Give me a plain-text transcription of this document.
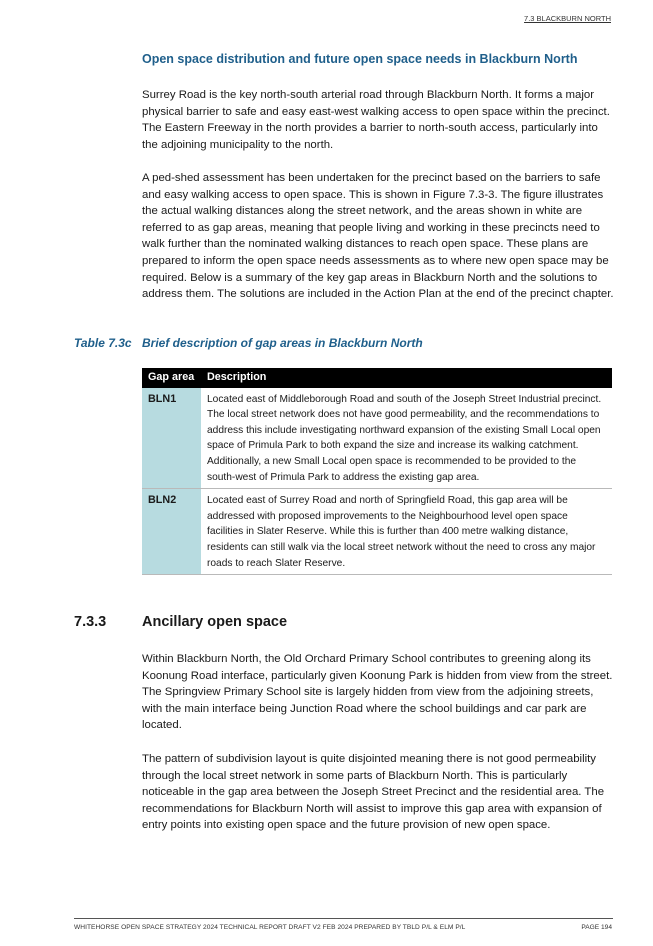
7.3 BLACKBURN NORTH
Open space distribution and future open space needs in Blackburn North

Surrey Road is the key north-south arterial road through Blackburn North. It forms a major physical barrier to safe and easy east-west walking access to open space within the precinct. The Eastern Freeway in the north provides a barrier to north-south access, particularly into the adjoining municipality to the north.

A ped-shed assessment has been undertaken for the precinct based on the barriers to safe and easy walking access to open space. This is shown in Figure 7.3-3. The figure illustrates the actual walking distances along the street network, and the areas shown in white are referred to as gap areas, meaning that people living and working in these precincts need to walk further than the nominated walking distances to reach open space. These plans are prepared to inform the open space needs assessments as to where new open space may be required. Below is a summary of the key gap areas in Blackburn North and the solutions to address them. The solutions are included in the Action Plan at the end of the precinct chapter.

Table 7.3c Brief description of gap areas in Blackburn North
Gap area	Description
BLN1	Located east of Middleborough Road and south of the Joseph Street Industrial precinct. The local street network does not have good permeability, and the recommendations to address this include investigating northward expansion of the existing Small Local open space of Primula Park to both expand the size and increase its walking catchment. Additionally, a new Small Local open space is recommended to be provided to the south-west of Primula Park to address the existing gap area.
BLN2	Located east of Surrey Road and north of Springfield Road, this gap area will be addressed with proposed improvements to the Neighbourhood level open space facilities in Slater Reserve. While this is further than 400 metre walking distance, residents can still walk via the local street network without the need to cross any major roads to reach Slater Reserve.
7.3.3 Ancillary open space

Within Blackburn North, the Old Orchard Primary School contributes to greening along its Koonung Road interface, particularly given Koonung Park is hidden from view from the street. The Springview Primary School site is largely hidden from view from the adjoining streets, with the main interface being Junction Road where the school buildings and car park are located.

The pattern of subdivision layout is quite disjointed meaning there is not good permeability through the local street network in some parts of Blackburn North. This is particularly noticeable in the gap area between the Joseph Street Precinct and the residential area. The recommendations for Blackburn North will assist to improve this gap area with expansion of entry points into existing open space and the future provision of new open space.

WHITEHORSE OPEN SPACE STRATEGY 2024 TECHNICAL REPORT DRAFT V2 FEB 2024 PREPARED BY TBLD P/L & ELM P/L	PAGE 194
